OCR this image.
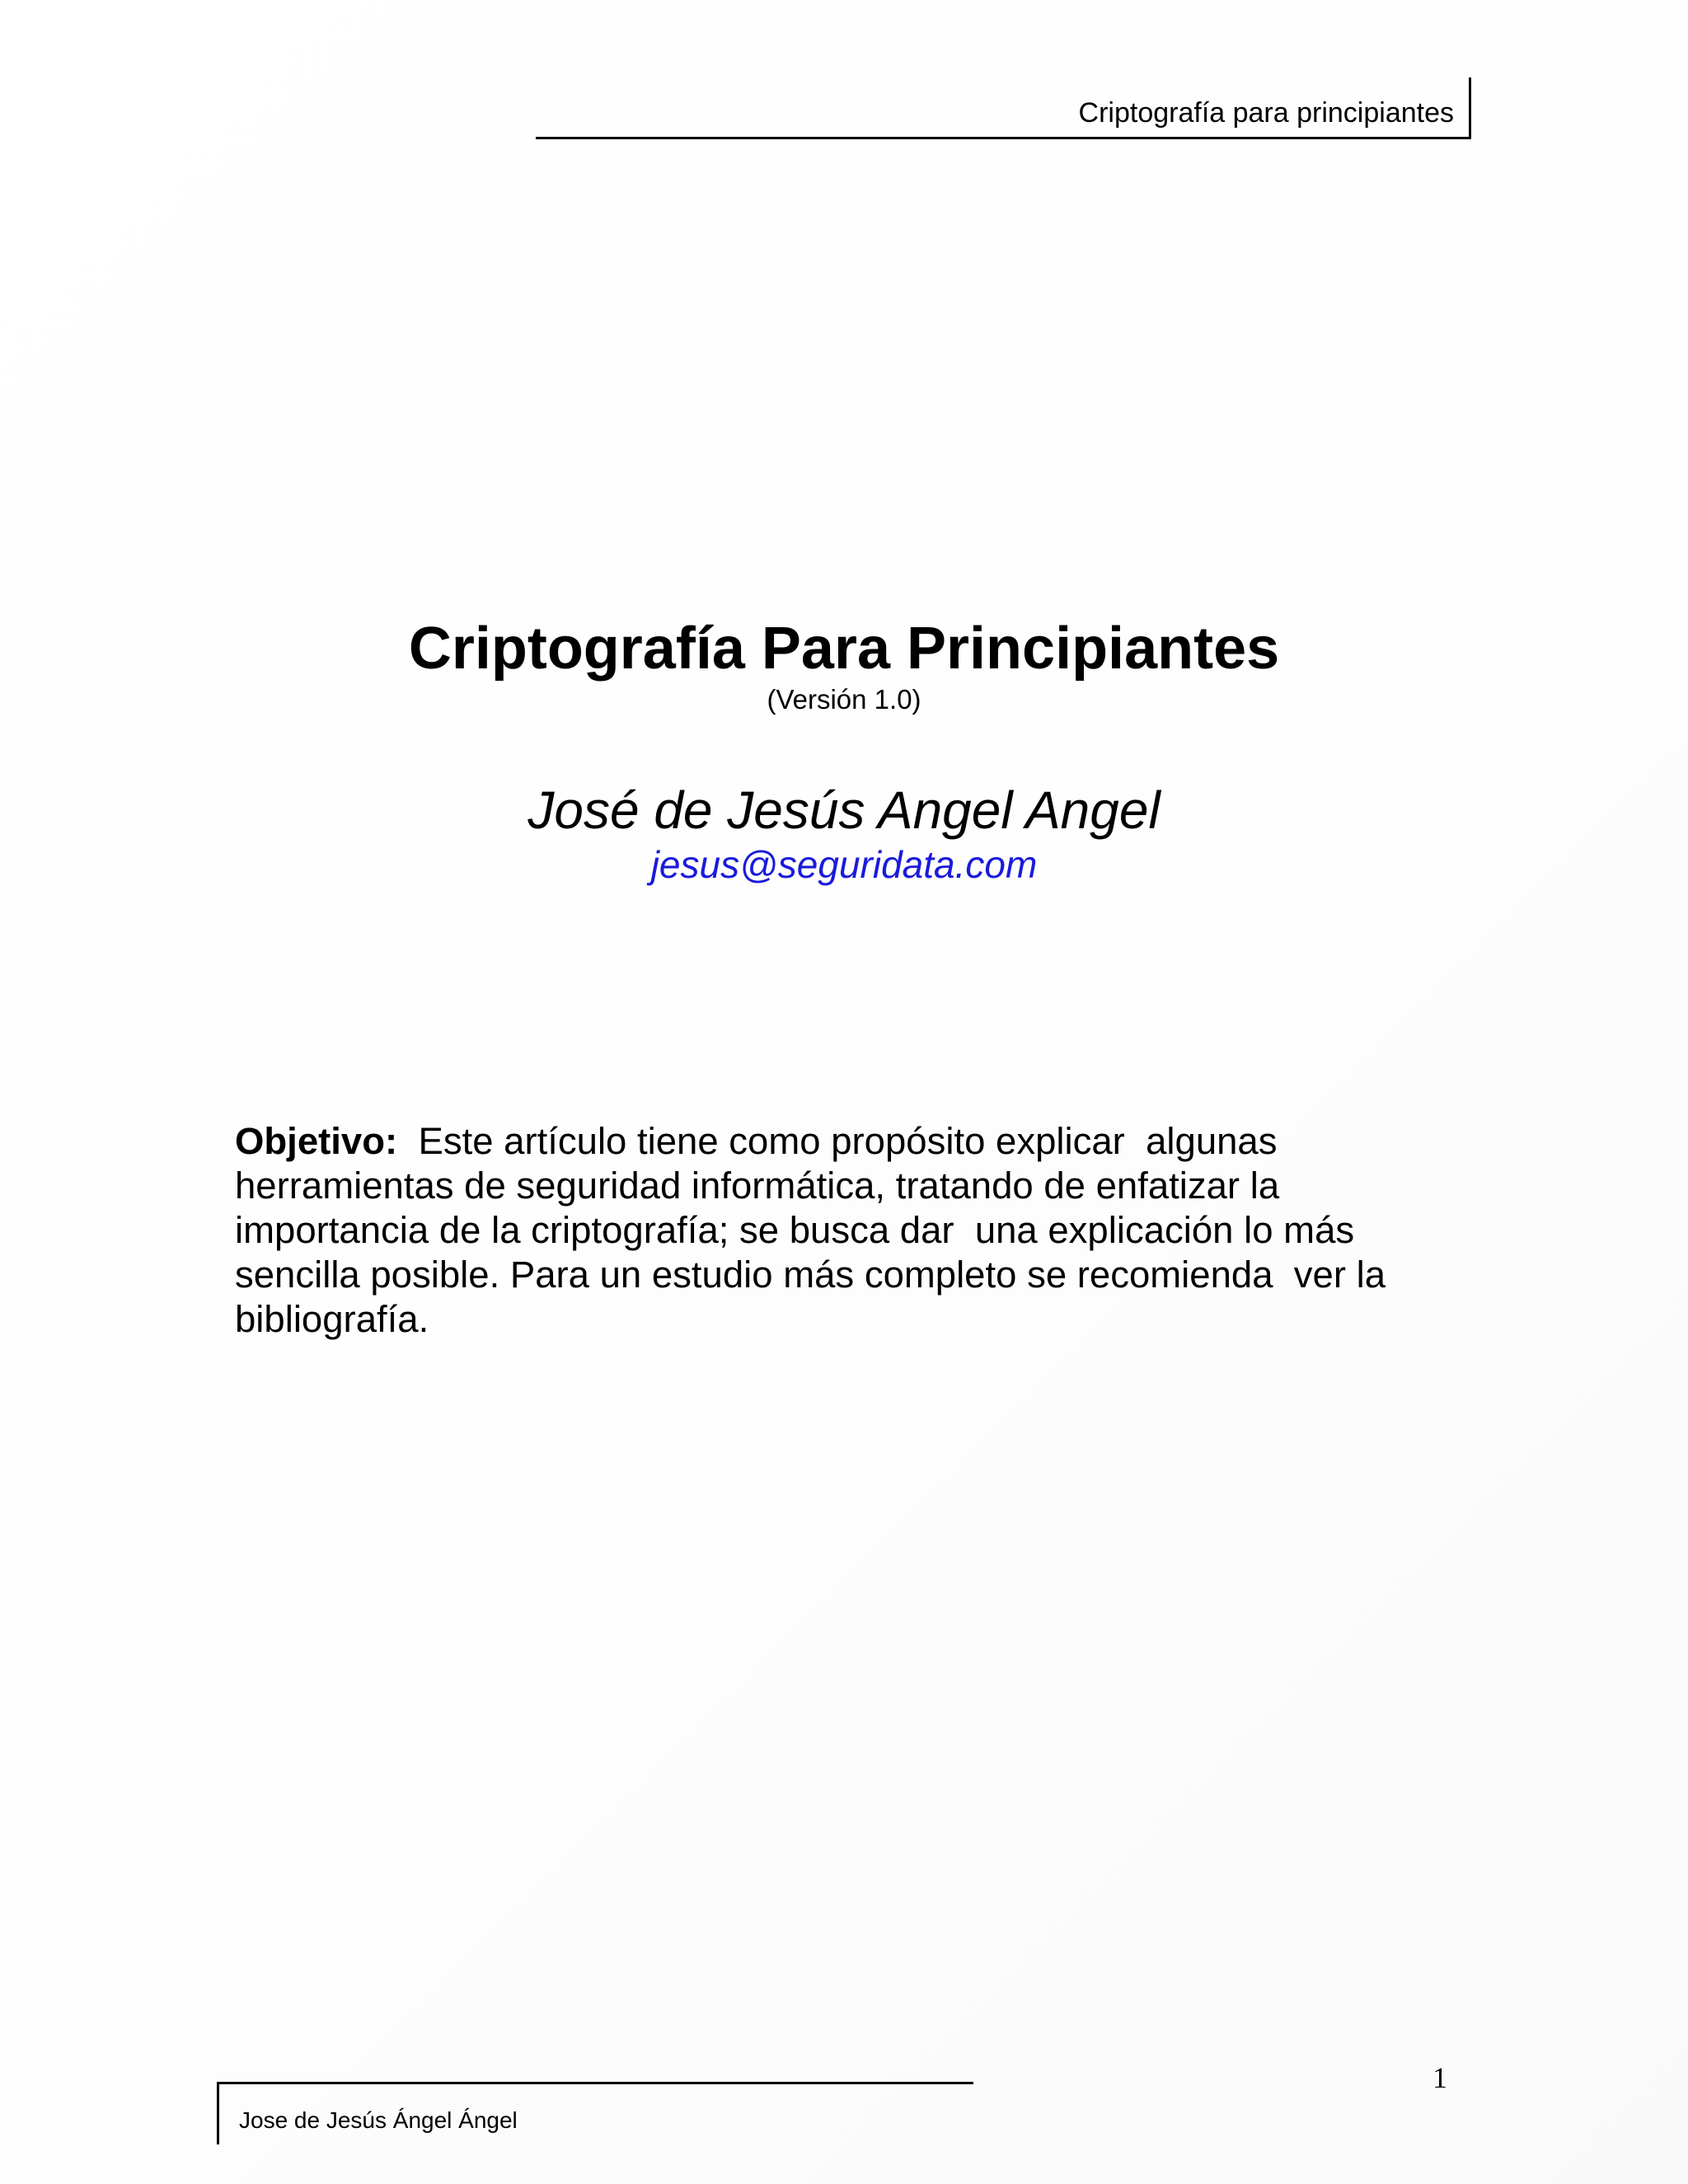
Criptografía para principiantes
Criptografía Para Principiantes
(Versión 1.0)
José de Jesús Angel Angel
jesus@seguridata.com
Objetivo:  Este artículo tiene como propósito explicar  algunas
herramientas de seguridad informática, tratando de enfatizar la
importancia de la criptografía; se busca dar  una explicación lo más
sencilla posible. Para un estudio más completo se recomienda  ver la
bibliografía.
1
Jose de Jesús Ángel Ángel
